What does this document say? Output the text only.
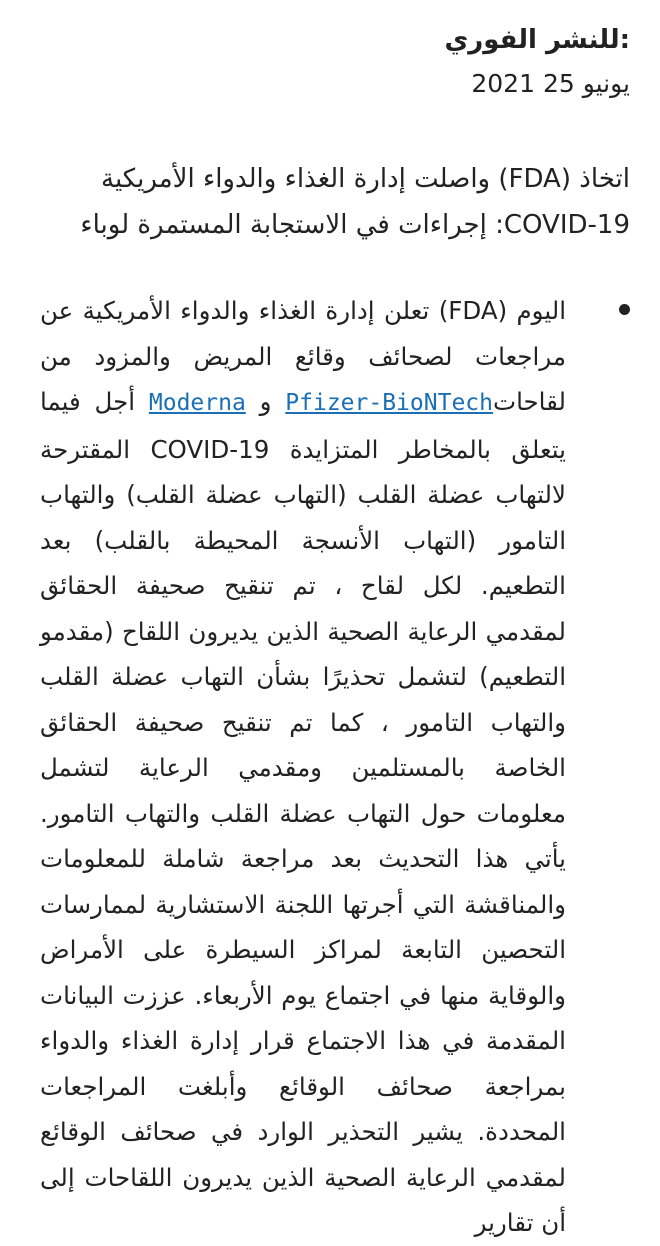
:للنشر الفوري

يونيو 25 2021

اتخاذ (FDA) واصلت إدارة الغذاء والدواء الأمريكية COVID-19: إجراءات في الاستجابة المستمرة لوباء

اليوم (FDA) تعلن إدارة الغذاء والدواء الأمريكية عن مراجعات لصحائف وقائع المريض والمزود من لقاحاتPfizer-BioNTech و Moderna أجل فيما يتعلق بالمخاطر المتزايدة COVID-19 المقترحة لالتهاب عضلة القلب (التهاب عضلة القلب) والتهاب التامور (التهاب الأنسجة المحيطة بالقلب) بعد التطعيم. لكل لقاح ، تم تنقيح صحيفة الحقائق لمقدمي الرعاية الصحية الذين يديرون اللقاح (مقدمو التطعيم) لتشمل تحذيرًا بشأن التهاب عضلة القلب والتهاب التامور ، كما تم تنقيح صحيفة الحقائق الخاصة بالمستلمين ومقدمي الرعاية لتشمل معلومات حول التهاب عضلة القلب والتهاب التامور. يأتي هذا التحديث بعد مراجعة شاملة للمعلومات والمناقشة التي أجرتها اللجنة الاستشارية لممارسات التحصين التابعة لمراكز السيطرة على الأمراض والوقاية منها في اجتماع يوم الأربعاء. عززت البيانات المقدمة في هذا الاجتماع قرار إدارة الغذاء والدواء بمراجعة صحائف الوقائع وأبلغت المراجعات المحددة. يشير التحذير الوارد في صحائف الوقائع لمقدمي الرعاية الصحية الذين يديرون اللقاحات إلى أن تقارير
